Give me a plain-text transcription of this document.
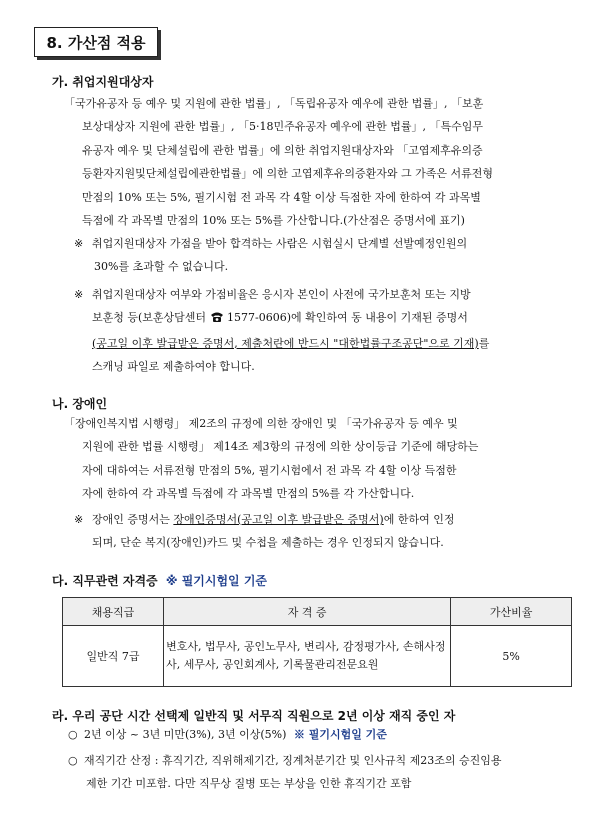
8. 가산점 적용
가. 취업지원대상자
「국가유공자 등 예우 및 지원에 관한 법률」, 「독립유공자 예우에 관한 법률」, 「보훈
보상대상자 지원에 관한 법률」, 「5·18민주유공자 예우에 관한 법률」, 「특수임무
유공자 예우 및 단체설립에 관한 법률」에 의한 취업지원대상자와 「고엽제후유의증
등환자지원및단체설립에관한법률」에 의한 고엽제후유의증환자와 그 가족은 서류전형
만점의 10% 또는 5%, 필기시험 전 과목 각 4할 이상 득점한 자에 한하여 각 과목별
득점에 각 과목별 만점의 10% 또는 5%를 가산합니다.(가산점은 증명서에 표기)
※ 취업지원대상자 가점을 받아 합격하는 사람은 시험실시 단계별 선발예정인원의
30%를 초과할 수 없습니다.
※ 취업지원대상자 여부와 가점비율은 응시자 본인이 사전에 국가보훈처 또는 지방
보훈청 등(보훈상담센터  1577-0606)에 확인하여 동 내용이 기재된 증명서
(공고일 이후 발급받은 증명서, 제출처란에 반드시 "대한법률구조공단"으로 기재)를
스캐닝 파일로 제출하여야 합니다.
나. 장애인
「장애인복지법 시행령」 제2조의 규정에 의한 장애인 및 「국가유공자 등 예우 및
지원에 관한 법률 시행령」 제14조 제3항의 규정에 의한 상이등급 기준에 해당하는
자에 대하여는 서류전형 만점의 5%, 필기시험에서 전 과목 각 4할 이상 득점한
자에 한하여 각 과목별 득점에 각 과목별 만점의 5%를 각 가산합니다.
※ 장애인 증명서는 장애인증명서(공고일 이후 발급받은 증명서)에 한하여 인정
되며, 단순 복지(장애인)카드 및 수첩을 제출하는 경우 인정되지 않습니다.
다. 직무관련 자격증 ※ 필기시험일 기준
채용직급	자 격 증	가산비율
일반직 7급	변호사, 법무사, 공인노무사, 변리사, 감정평가사, 손해사정사, 세무사, 공인회계사, 기록물관리전문요원	5%
라. 우리 공단 시간 선택제 일반직 및 서무직 직원으로 2년 이상 재직 중인 자
○ 2년 이상 ~ 3년 미만(3%), 3년 이상(5%) ※ 필기시험일 기준
○ 재직기간 산정 : 휴직기간, 직위해제기간, 징계처분기간 및 인사규칙 제23조의 승진임용
제한 기간 미포함. 다만 직무상 질병 또는 부상을 인한 휴직기간 포함
